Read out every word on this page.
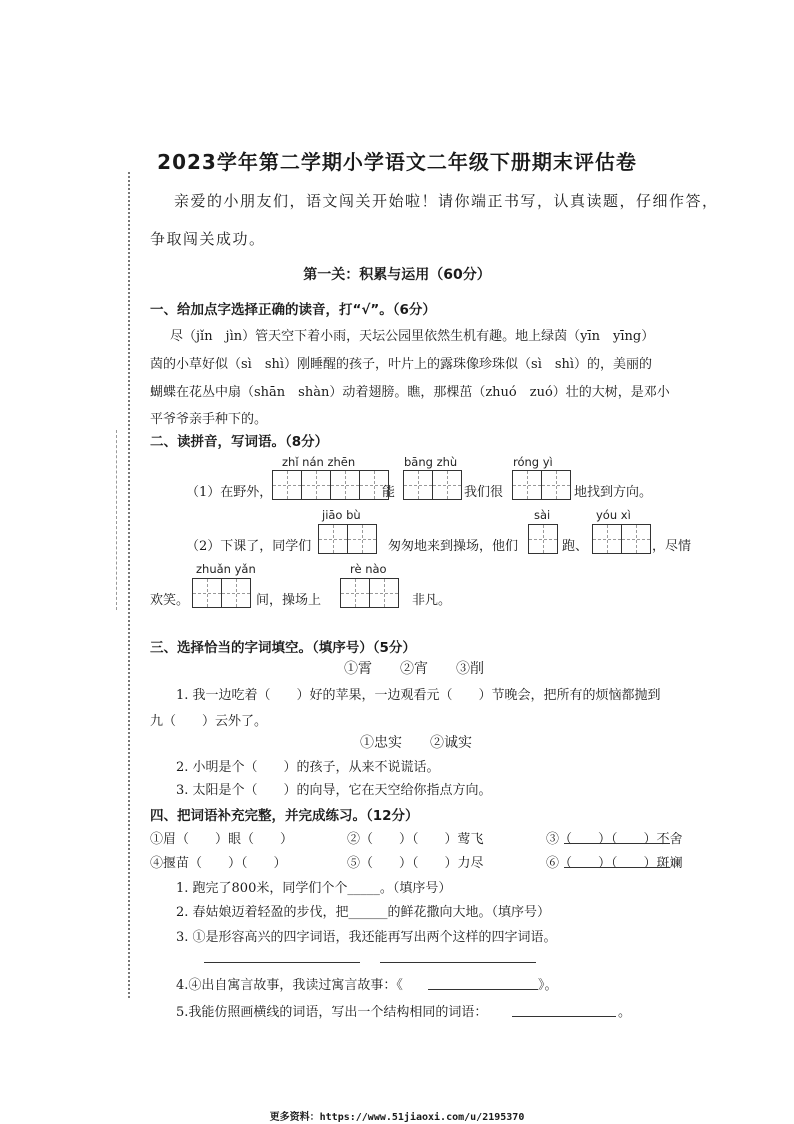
2023学年第二学期小学语文二年级下册期末评估卷
亲爱的小朋友们，语文闯关开始啦！请你端正书写，认真读题，仔细作答，
争取闯关成功。
第一关：积累与运用（60分）
一、给加点字选择正确的读音，打“√”。（6分）
尽（jǐn　jìn）管天空下着小雨，天坛公园里依然生机有趣。地上绿茵（yīn　yīng）
茵的小草好似（sì　shì）刚睡醒的孩子，叶片上的露珠像珍珠似（sì　shì）的，美丽的
蝴蝶在花丛中扇（shān　shàn）动着翅膀。瞧，那棵茁（zhuó　zuó）壮的大树，是邓小
平爷爷亲手种下的。
二、读拼音，写词语。（8分）
zhǐ nán zhēn	bāng zhù	róng yì
（1）在野外，	能	我们很	地找到方向。
jiāo bù	sài	yóu xì
（2）下课了，同学们	匆匆地来到操场，他们	跑、	，尽情
zhuǎn yǎn	rè nào
欢笑。	间，操场上	非凡。
三、选择恰当的字词填空。（填序号）（5分）
①霄　　②宵　　③削
1. 我一边吃着（　　）好的苹果，一边观看元（　　）节晚会，把所有的烦恼都抛到
九（　　）云外了。
①忠实　　②诚实
2. 小明是个（　　）的孩子，从来不说谎话。
3. 太阳是个（　　）的向导，它在天空给你指点方向。
四、把词语补充完整，并完成练习。（12分）
①眉（　　）眼（　　）	②（　　）（　　）莺飞	③（　　）（　　）不舍
④揠苗（　　）（　　）	⑤（　　）（　　）力尽	⑥（　　）（　　）斑斓
1. 跑完了800米，同学们个个_____。（填序号）
2. 春姑娘迈着轻盈的步伐，把______的鲜花撒向大地。（填序号）
3. ①是形容高兴的四字词语，我还能再写出两个这样的四字词语。
4.④出自寓言故事，我读过寓言故事：《	》。
5.我能仿照画横线的词语，写出一个结构相同的词语：	。
更多资料：https://www.51jiaoxi.com/u/2195370
